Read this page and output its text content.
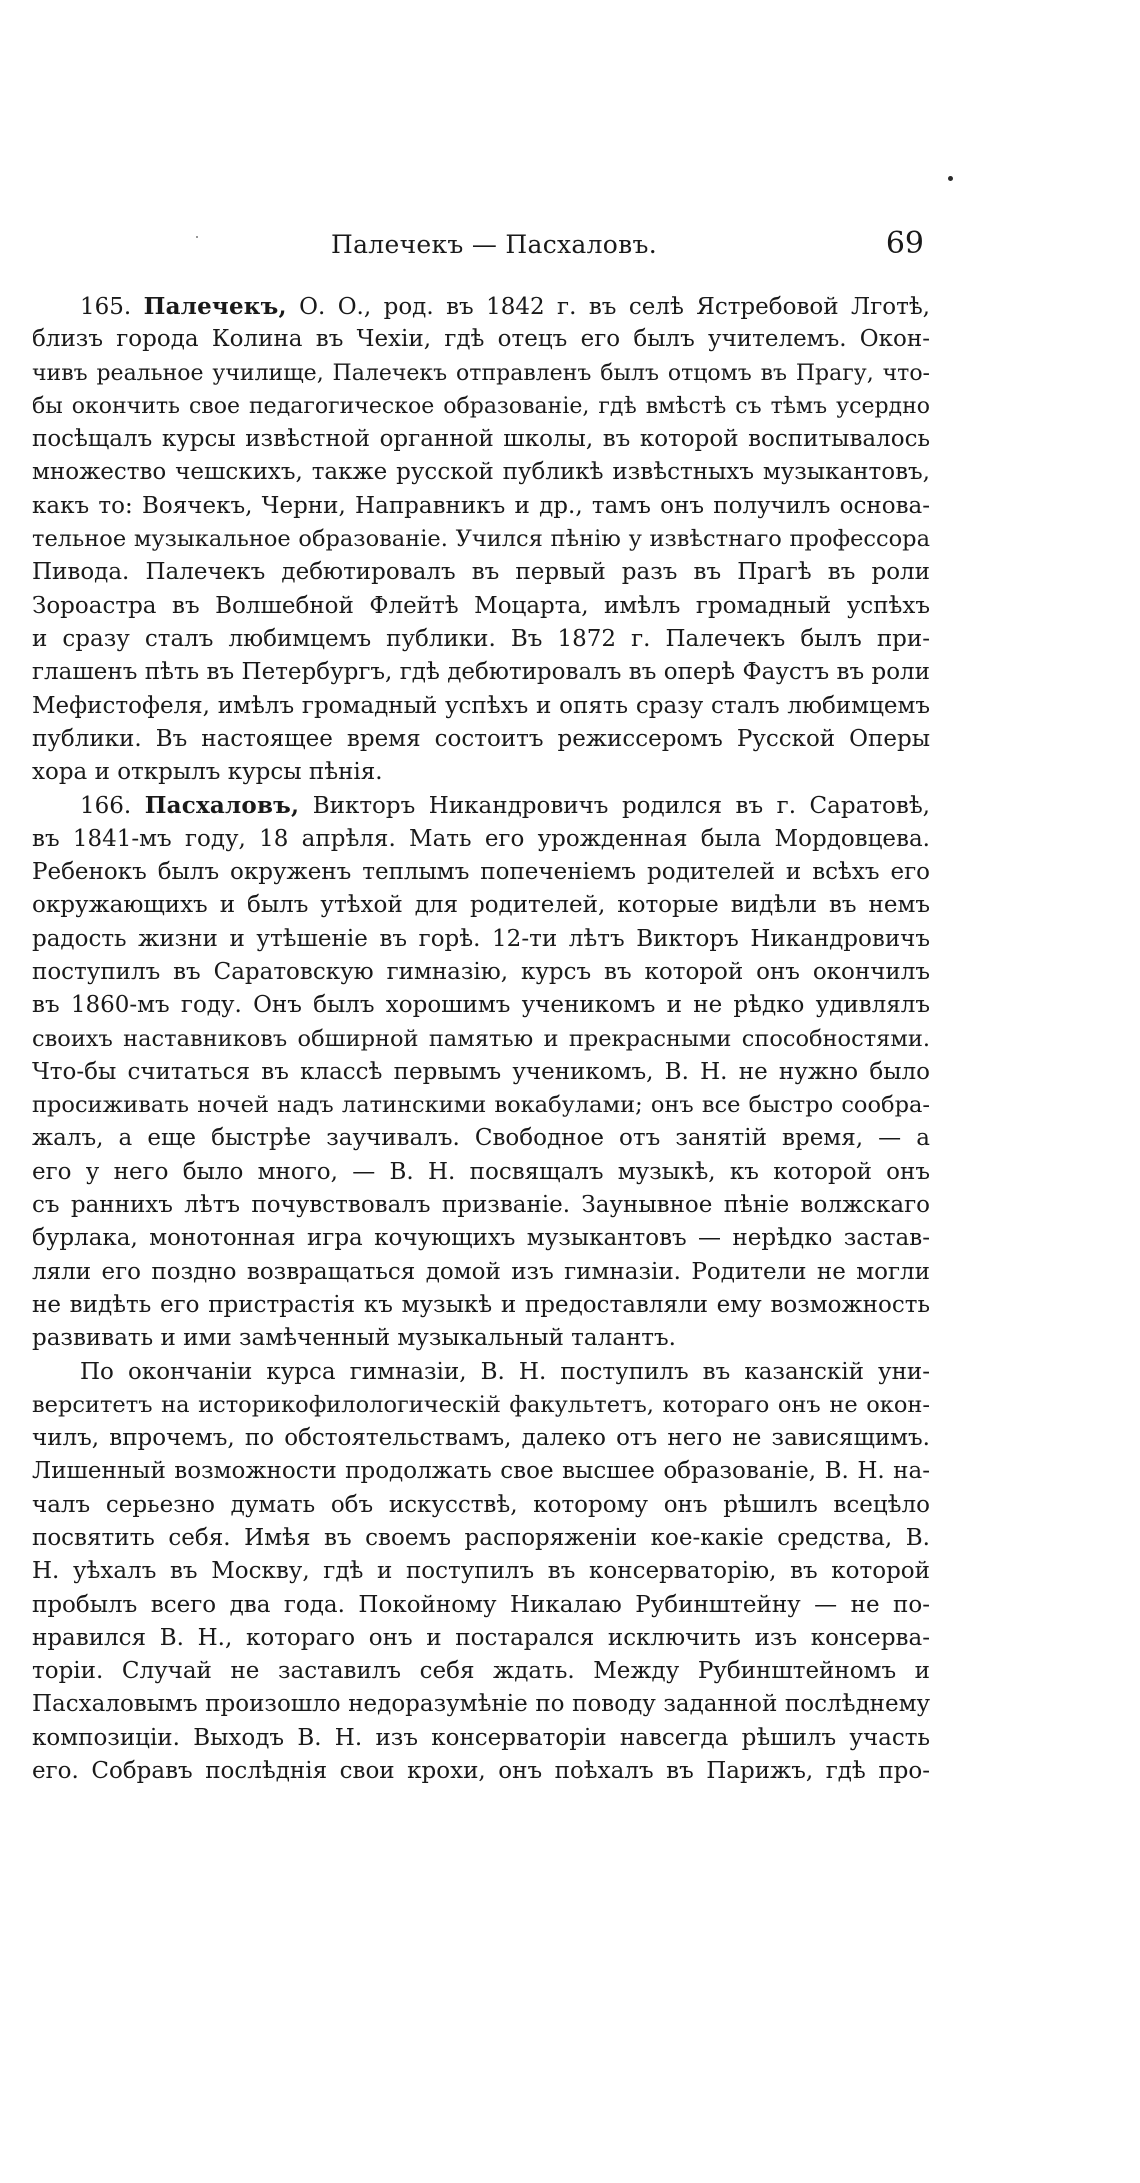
Палечекъ — Пасхаловъ.	69
165. Палечекъ, О. О., род. въ 1842 г. въ селѣ Ястребовой Лготѣ,
близъ города Колина въ Чехіи, гдѣ отецъ его былъ учителемъ. Окон-
чивъ реальное училище, Палечекъ отправленъ былъ отцомъ въ Прагу, что-
бы окончить свое педагогическое образованіе, гдѣ вмѣстѣ съ тѣмъ усердно
посѣщалъ курсы извѣстной органной школы, въ которой воспитывалось
множество чешскихъ, также русской публикѣ извѣстныхъ музыкантовъ,
какъ то: Воячекъ, Черни, Направникъ и др., тамъ онъ получилъ основа-
тельное музыкальное образованіе. Учился пѣнію у извѣстнаго профессора
Пивода. Палечекъ дебютировалъ въ первый разъ въ Прагѣ въ роли
Зороастра въ Волшебной Флейтѣ Моцарта, имѣлъ громадный успѣхъ
и сразу сталъ любимцемъ публики. Въ 1872 г. Палечекъ былъ при-
глашенъ пѣть въ Петербургъ, гдѣ дебютировалъ въ оперѣ Фаустъ въ роли
Мефистофеля, имѣлъ громадный успѣхъ и опять сразу сталъ любимцемъ
публики. Въ настоящее время состоитъ режиссеромъ Русской Оперы
хора и открылъ курсы пѣнія.
166. Пасхаловъ, Викторъ Никандровичъ родился въ г. Саратовѣ,
въ 1841-мъ году, 18 апрѣля. Мать его урожденная была Мордовцева.
Ребенокъ былъ окруженъ теплымъ попеченіемъ родителей и всѣхъ его
окружающихъ и былъ утѣхой для родителей, которые видѣли въ немъ
радость жизни и утѣшеніе въ горѣ. 12-ти лѣтъ Викторъ Никандровичъ
поступилъ въ Саратовскую гимназію, курсъ въ которой онъ окончилъ
въ 1860-мъ году. Онъ былъ хорошимъ ученикомъ и не рѣдко удивлялъ
своихъ наставниковъ обширной памятью и прекрасными способностями.
Что-бы считаться въ классѣ первымъ ученикомъ, В. Н. не нужно было
просиживать ночей надъ латинскими вокабулами; онъ все быстро сообра-
жалъ, а еще быстрѣе заучивалъ. Свободное отъ занятій время, — а
его у него было много, — В. Н. посвящалъ музыкѣ, къ которой онъ
съ раннихъ лѣтъ почувствовалъ призваніе. Заунывное пѣніе волжскаго
бурлака, монотонная игра кочующихъ музыкантовъ — нерѣдко застав-
ляли его поздно возвращаться домой изъ гимназіи. Родители не могли
не видѣть его пристрастія къ музыкѣ и предоставляли ему возможность
развивать и ими замѣченный музыкальный талантъ.
По окончаніи курса гимназіи, В. Н. поступилъ въ казанскій уни-
верситетъ на историкофилологическій факультетъ, котораго онъ не окон-
чилъ, впрочемъ, по обстоятельствамъ, далеко отъ него не зависящимъ.
Лишенный возможности продолжать свое высшее образованіе, В. Н. на-
чалъ серьезно думать объ искусствѣ, которому онъ рѣшилъ всецѣло
посвятить себя. Имѣя въ своемъ распоряженіи кое-какіе средства, В.
Н. уѣхалъ въ Москву, гдѣ и поступилъ въ консерваторію, въ которой
пробылъ всего два года. Покойному Никалаю Рубинштейну — не по-
нравился В. Н., котораго онъ и постарался исключить изъ консерва-
торіи. Случай не заставилъ себя ждать. Между Рубинштейномъ и
Пасхаловымъ произошло недоразумѣніе по поводу заданной послѣднему
композиціи. Выходъ В. Н. изъ консерваторіи навсегда рѣшилъ участь
его. Собравъ послѣднія свои крохи, онъ поѣхалъ въ Парижъ, гдѣ про-
